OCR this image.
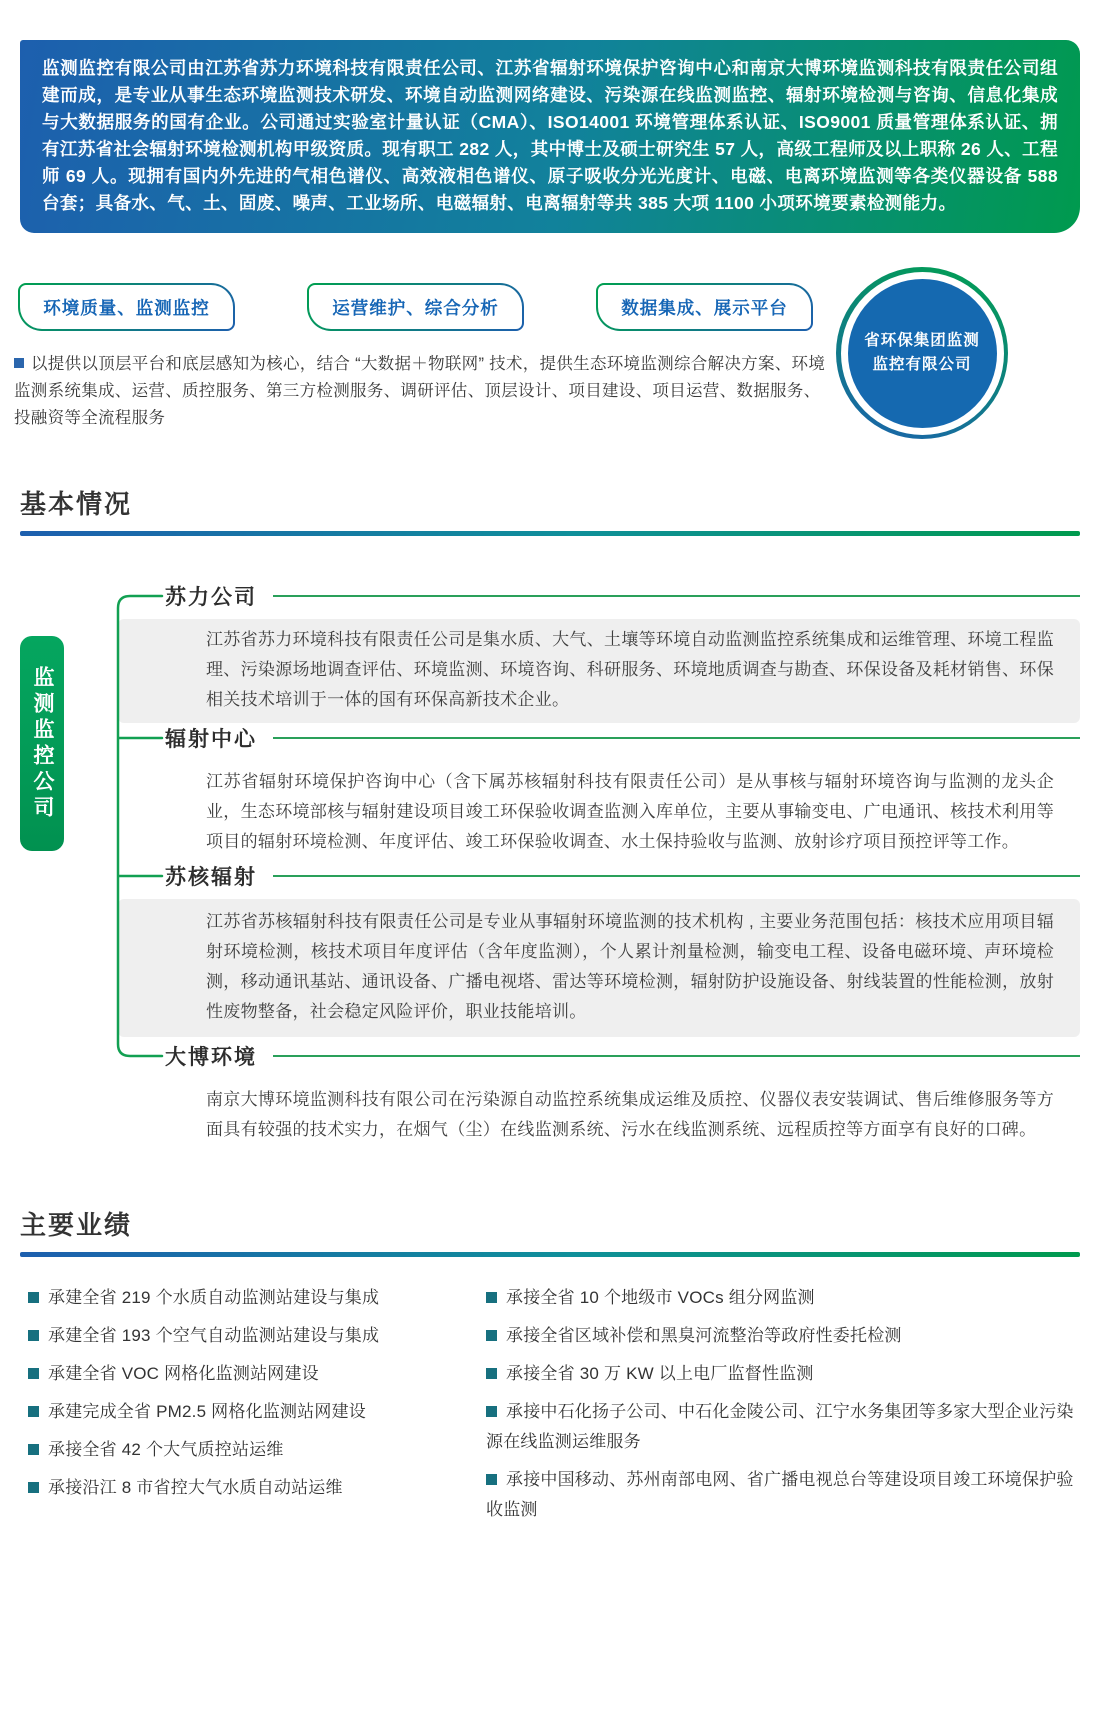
监测监控有限公司由江苏省苏力环境科技有限责任公司、江苏省辐射环境保护咨询中心和南京大博环境监测科技有限责任公司组建而成，是专业从事生态环境监测技术研发、环境自动监测网络建设、污染源在线监测监控、辐射环境检测与咨询、信息化集成与大数据服务的国有企业。公司通过实验室计量认证（CMA）、ISO14001 环境管理体系认证、ISO9001 质量管理体系认证、拥有江苏省社会辐射环境检测机构甲级资质。现有职工 282 人，其中博士及硕士研究生 57 人，高级工程师及以上职称 26 人、工程师 69 人。现拥有国内外先进的气相色谱仪、高效液相色谱仪、原子吸收分光光度计、电磁、电离环境监测等各类仪器设备 588 台套；具备水、气、土、固废、噪声、工业场所、电磁辐射、电离辐射等共 385 大项 1100 小项环境要素检测能力。

环境质量、监测监控	运营维护、综合分析	数据集成、展示平台

以提供以顶层平台和底层感知为核心，结合 “大数据＋物联网” 技术，提供生态环境监测综合解决方案、环境监测系统集成、运营、质控服务、第三方检测服务、调研评估、顶层设计、项目建设、项目运营、数据服务、投融资等全流程服务

省环保集团监测
监控有限公司
基本情况
监测监控公司
苏力公司
江苏省苏力环境科技有限责任公司是集水质、大气、土壤等环境自动监测监控系统集成和运维管理、环境工程监理、污染源场地调查评估、环境监测、环境咨询、科研服务、环境地质调查与勘查、环保设备及耗材销售、环保相关技术培训于一体的国有环保高新技术企业。
辐射中心
江苏省辐射环境保护咨询中心（含下属苏核辐射科技有限责任公司）是从事核与辐射环境咨询与监测的龙头企业，生态环境部核与辐射建设项目竣工环保验收调查监测入库单位，主要从事输变电、广电通讯、核技术利用等项目的辐射环境检测、年度评估、竣工环保验收调查、水土保持验收与监测、放射诊疗项目预控评等工作。
苏核辐射
江苏省苏核辐射科技有限责任公司是专业从事辐射环境监测的技术机构 , 主要业务范围包括：核技术应用项目辐射环境检测，核技术项目年度评估（含年度监测），个人累计剂量检测，输变电工程、设备电磁环境、声环境检测，移动通讯基站、通讯设备、广播电视塔、雷达等环境检测，辐射防护设施设备、射线装置的性能检测，放射性废物整备，社会稳定风险评价，职业技能培训。
大博环境
南京大博环境监测科技有限公司在污染源自动监控系统集成运维及质控、仪器仪表安装调试、售后维修服务等方面具有较强的技术实力，在烟气（尘）在线监测系统、污水在线监测系统、远程质控等方面享有良好的口碑。
主要业绩
承建全省 219 个水质自动监测站建设与集成
承建全省 193 个空气自动监测站建设与集成
承建全省 VOC 网格化监测站网建设
承建完成全省 PM2.5 网格化监测站网建设
承接全省 42 个大气质控站运维
承接沿江 8 市省控大气水质自动站运维
承接全省 10 个地级市 VOCs 组分网监测
承接全省区域补偿和黑臭河流整治等政府性委托检测
承接全省 30 万 KW 以上电厂监督性监测
承接中石化扬子公司、中石化金陵公司、江宁水务集团等多家大型企业污染源在线监测运维服务
承接中国移动、苏州南部电网、省广播电视总台等建设项目竣工环境保护验收监测
